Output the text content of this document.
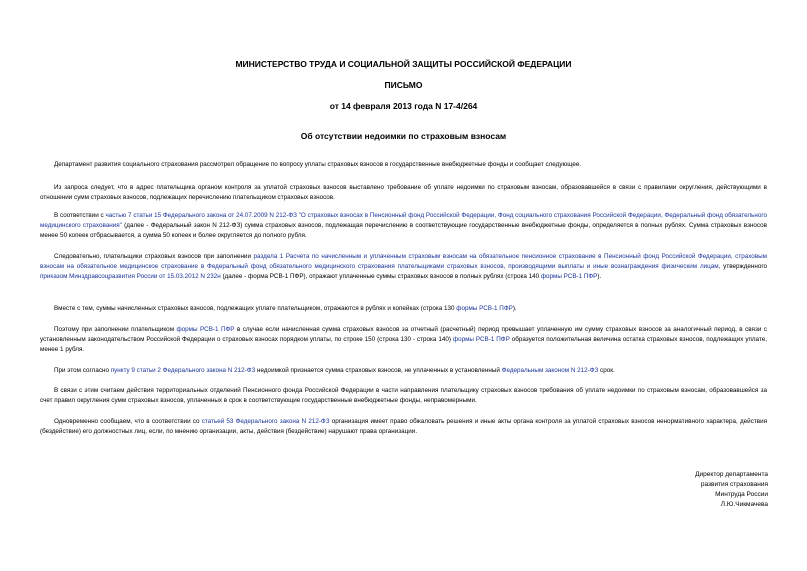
МИНИСТЕРСТВО ТРУДА И СОЦИАЛЬНОЙ ЗАЩИТЫ РОССИЙСКОЙ ФЕДЕРАЦИИ
ПИСЬМО
от 14 февраля 2013 года N 17-4/264
Об отсутствии недоимки по страховым взносам

Департамент развития социального страхования рассмотрел обращение по вопросу уплаты страховых взносов в государственные внебюджетные фонды и сообщает следующее.

Из запроса следует, что в адрес плательщика органом контроля за уплатой страховых взносов выставлено требование об уплате недоимки по страховым взносам, образовавшейся в связи с правилами округления, действующими в отношении сумм страховых взносов, подлежащих перечислению плательщиком страховых взносов.

В соответствии с частью 7 статьи 15 Федерального закона от 24.07.2009 N 212-ФЗ "О страховых взносах в Пенсионный фонд Российской Федерации, Фонд социального страхования Российской Федерации, Федеральный фонд обязательного медицинского страхования" (далее - Федеральный закон N 212-ФЗ) сумма страховых взносов, подлежащая перечислению в соответствующие государственные внебюджетные фонды, определяется в полных рублях. Сумма страховых взносов менее 50 копеек отбрасывается, а сумма 50 копеек и более округляется до полного рубля.

Следовательно, плательщики страховых взносов при заполнении раздела 1 Расчета по начисленным и уплаченным страховым взносам на обязательное пенсионное страхование в Пенсионный фонд Российской Федерации, страховым взносам на обязательное медицинское страхование в Федеральный фонд обязательного медицинского страхования плательщиками страховых взносов, производящими выплаты и иные вознаграждения физическим лицам, утвержденного приказом Минздравсоцразвития России от 15.03.2012 N 232н (далее - форма РСВ-1 ПФР), отражают уплаченные суммы страховых взносов в полных рублях (строка 140 формы РСВ-1 ПФР).

Вместе с тем, суммы начисленных страховых взносов, подлежащих уплате плательщиком, отражаются в рублях и копейках (строка 130 формы РСВ-1 ПФР).

Поэтому при заполнении плательщиком формы РСВ-1 ПФР в случае если начисленная сумма страховых взносов за отчетный (расчетный) период превышает уплаченную им сумму страховых взносов за аналогичный период, в связи с установленным законодательством Российской Федерации о страховых взносах порядком уплаты, по строке 150 (строка 130 - строка 140) формы РСВ-1 ПФР образуется положительная величина остатка страховых взносов, подлежащих уплате, менее 1 рубля.

При этом согласно пункту 9 статьи 2 Федерального закона N 212-ФЗ недоимкой признается сумма страховых взносов, не уплаченных в установленный Федеральным законом N 212-ФЗ срок.

В связи с этим считаем действия территориальных отделений Пенсионного фонда Российской Федерации в части направления плательщику страховых взносов требования об уплате недоимки по страховым взносам, образовавшейся за счет правил округления сумм страховых взносов, уплаченных в срок в соответствующие государственные внебюджетные фонды, неправомерными.

Одновременно сообщаем, что в соответствии со статьей 53 Федерального закона N 212-ФЗ организация имеет право обжаловать решения и иные акты органа контроля за уплатой страховых взносов ненормативного характера, действия (бездействие) его должностных лиц, если, по мнению организации, акты, действия (бездействие) нарушают права организации.

Директор департамента
развития страхования
Минтруда России
Л.Ю.Чикмачева
